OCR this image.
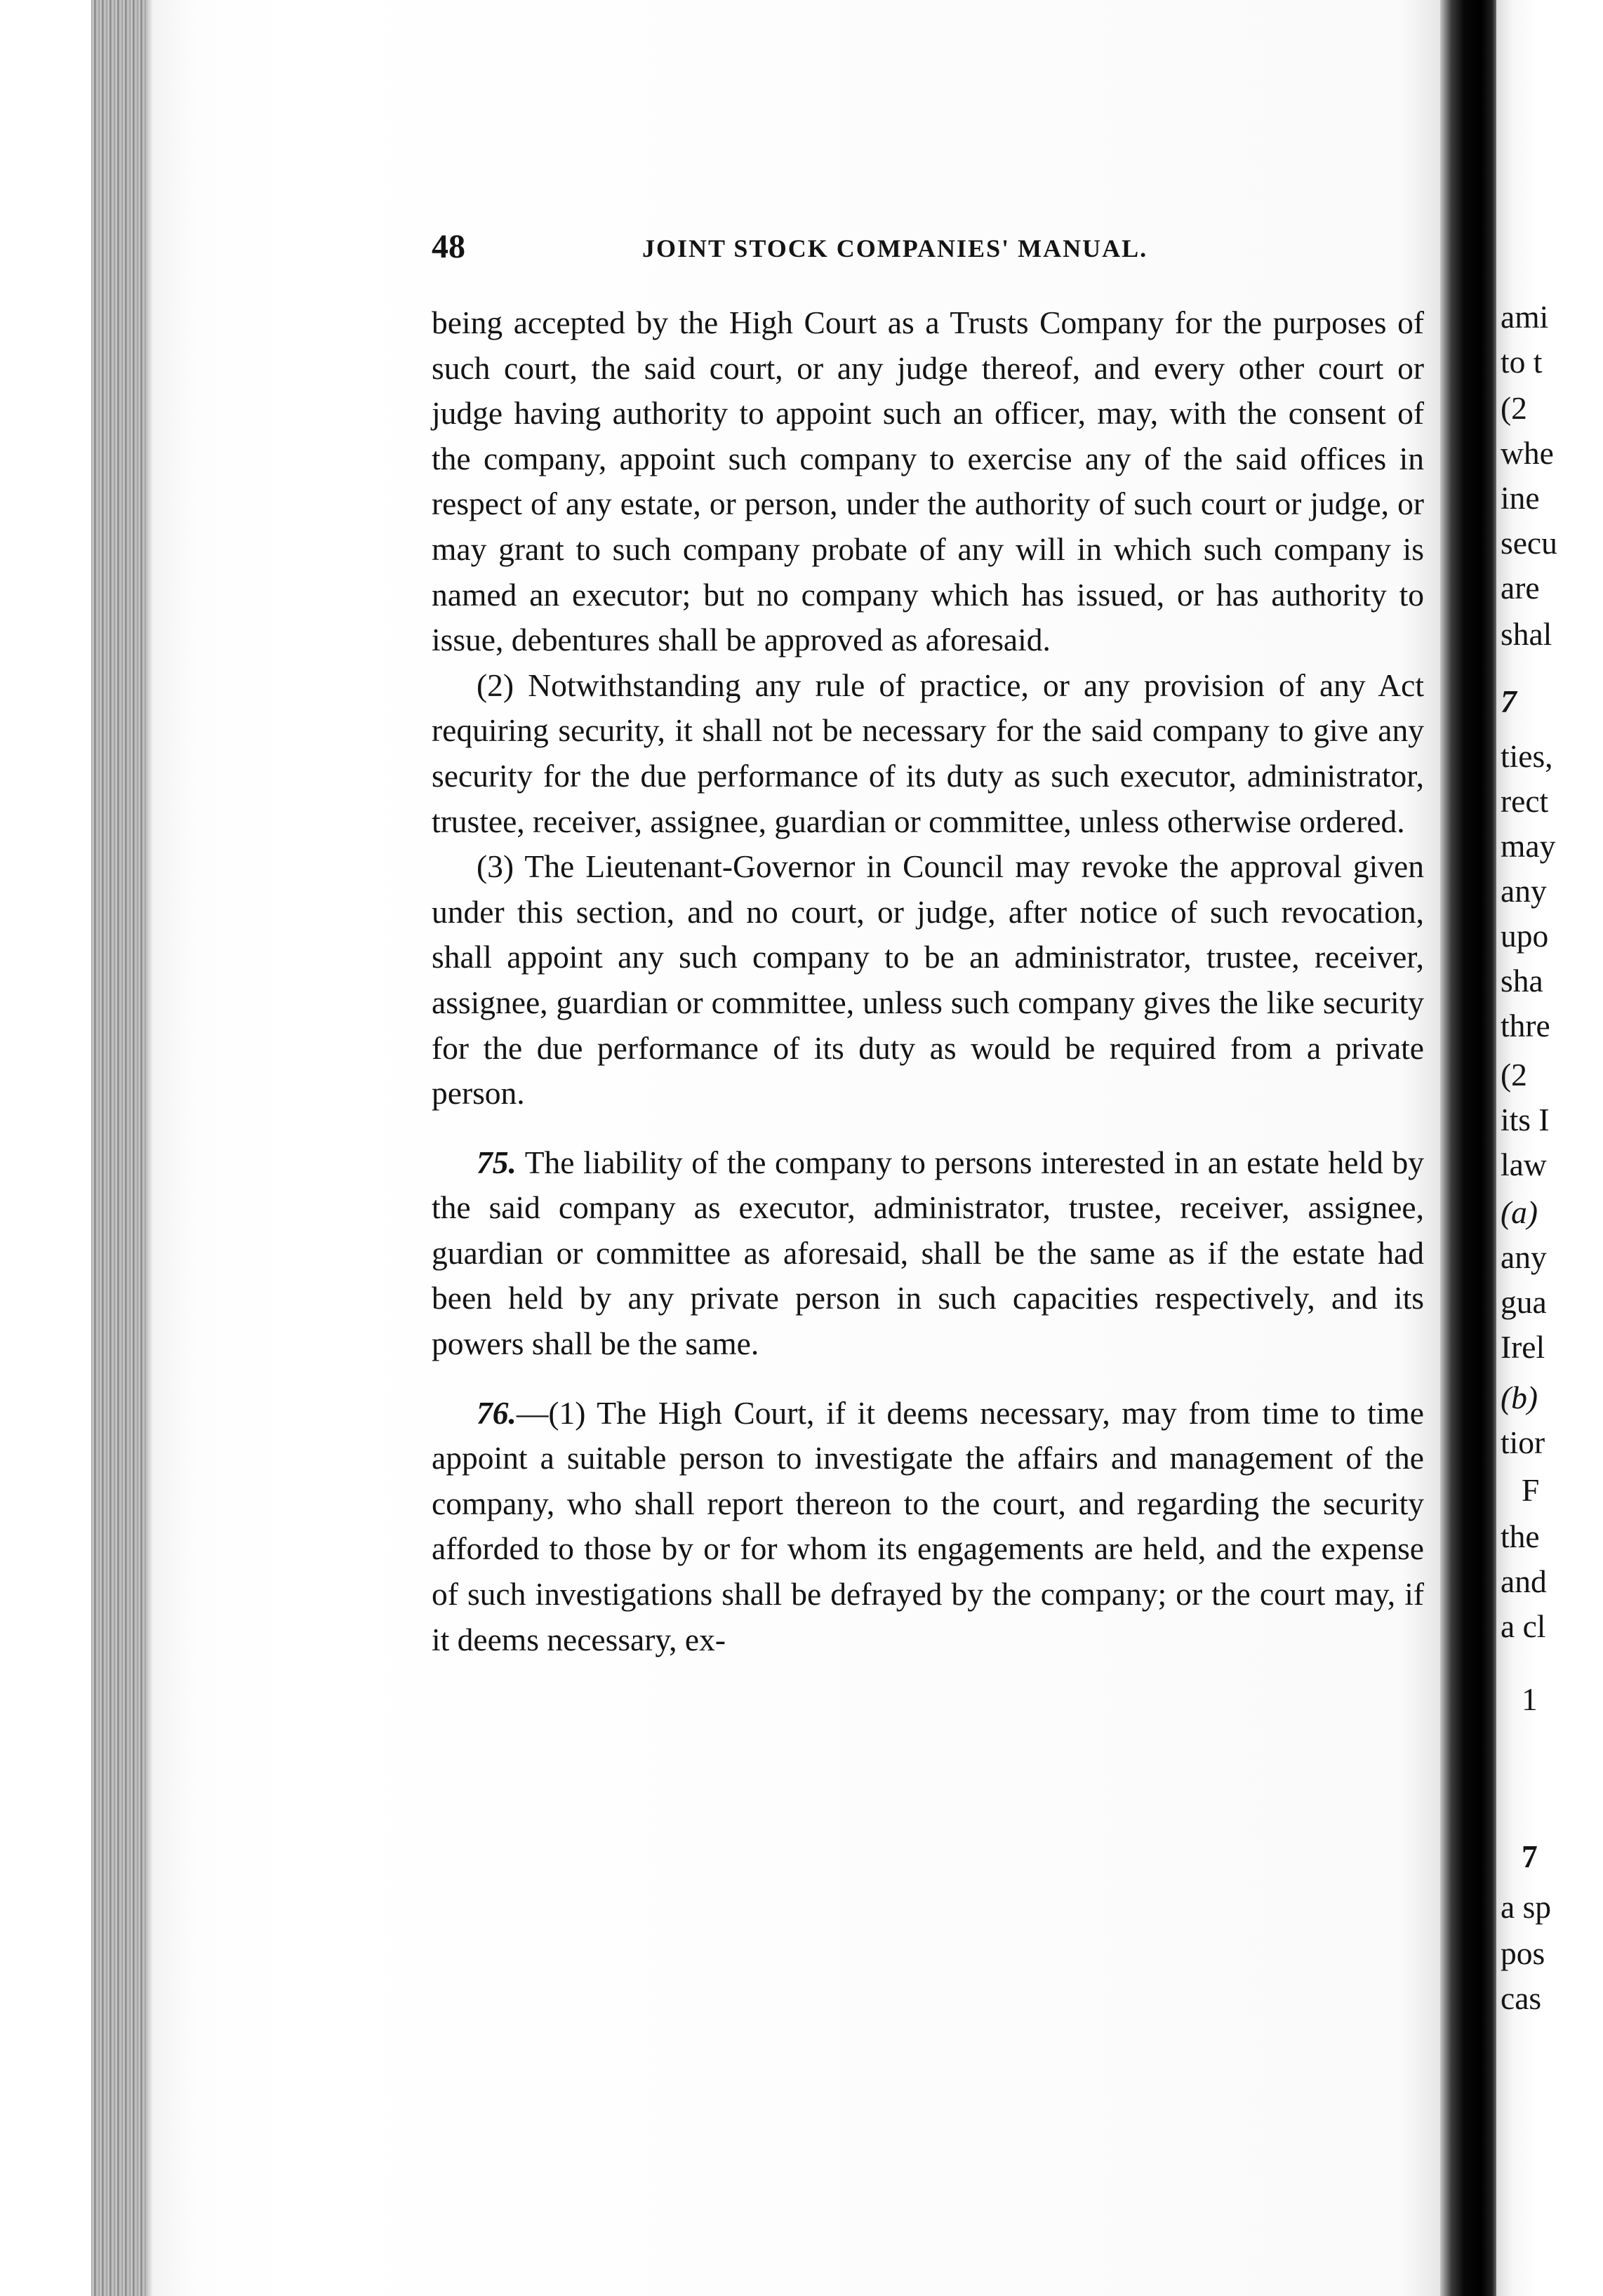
48	JOINT STOCK COMPANIES' MANUAL.

being accepted by the High Court as a Trusts Company for the purposes of such court, the said court, or any judge thereof, and every other court or judge having authority to appoint such an officer, may, with the consent of the company, appoint such company to exercise any of the said offices in respect of any estate, or person, under the authority of such court or judge, or may grant to such company probate of any will in which such company is named an executor; but no company which has issued, or has authority to issue, debentures shall be approved as aforesaid.

(2) Notwithstanding any rule of practice, or any provision of any Act requiring security, it shall not be necessary for the said company to give any security for the due performance of its duty as such executor, administrator, trustee, receiver, assignee, guardian or committee, unless otherwise ordered.

(3) The Lieutenant-Governor in Council may revoke the approval given under this section, and no court, or judge, after notice of such revocation, shall appoint any such company to be an administrator, trustee, receiver, assignee, guardian or committee, unless such company gives the like security for the due performance of its duty as would be required from a private person.

75. The liability of the company to persons interested in an estate held by the said company as executor, administrator, trustee, receiver, assignee, guardian or committee as aforesaid, shall be the same as if the estate had been held by any private person in such capacities respectively, and its powers shall be the same.

76.—(1) The High Court, if it deems necessary, may from time to time appoint a suitable person to investigate the affairs and management of the company, who shall report thereon to the court, and regarding the security afforded to those by or for whom its engagements are held, and the expense of such investigations shall be defrayed by the company; or the court may, if it deems necessary, ex-

ami
to t
(2
whe
ine
secu
are
shal
7
ties,
rect
may
any
upo
sha
thre
(2
its I
law
(a)
any
gua
Irel
(b)
tior
F
the
and
a cl
1
7
a sp
pos
cas
